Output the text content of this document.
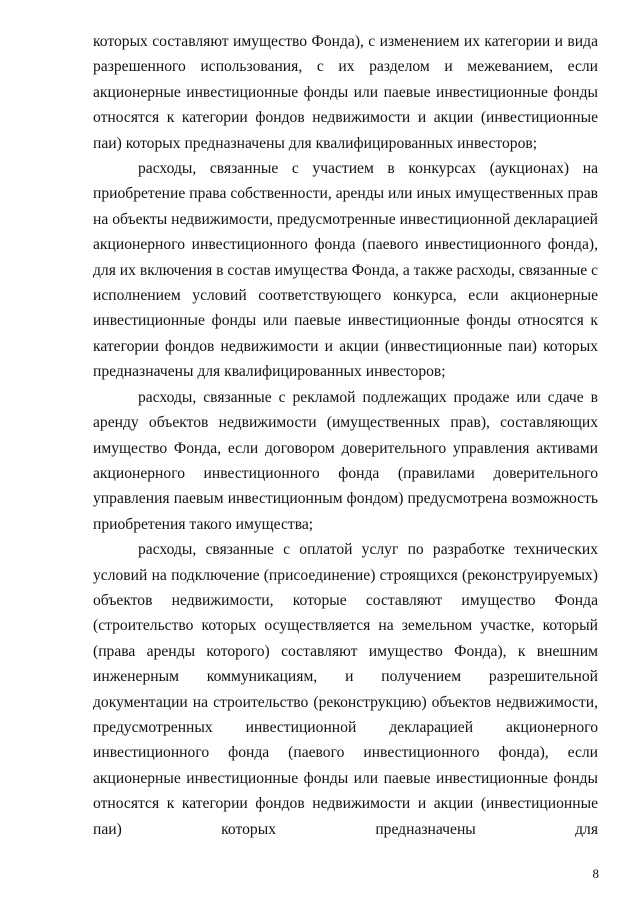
которых составляют имущество Фонда), с изменением их категории и вида разрешенного использования, с их разделом и межеванием, если акционерные инвестиционные фонды или паевые инвестиционные фонды относятся к категории фондов недвижимости и акции (инвестиционные паи) которых предназначены для квалифицированных инвесторов;

расходы, связанные с участием в конкурсах (аукционах) на приобретение права собственности, аренды или иных имущественных прав на объекты недвижимости, предусмотренные инвестиционной декларацией акционерного инвестиционного фонда (паевого инвестиционного фонда), для их включения в состав имущества Фонда, а также расходы, связанные с исполнением условий соответствующего конкурса, если акционерные инвестиционные фонды или паевые инвестиционные фонды относятся к категории фондов недвижимости и акции (инвестиционные паи) которых предназначены для квалифицированных инвесторов;

расходы, связанные с рекламой подлежащих продаже или сдаче в аренду объектов недвижимости (имущественных прав), составляющих имущество Фонда, если договором доверительного управления активами акционерного инвестиционного фонда (правилами доверительного управления паевым инвестиционным фондом) предусмотрена возможность приобретения такого имущества;

расходы, связанные с оплатой услуг по разработке технических условий на подключение (присоединение) строящихся (реконструируемых) объектов недвижимости, которые составляют имущество Фонда (строительство которых осуществляется на земельном участке, который (права аренды которого) составляют имущество Фонда), к внешним инженерным коммуникациям, и получением разрешительной документации на строительство (реконструкцию) объектов недвижимости, предусмотренных инвестиционной декларацией акционерного инвестиционного фонда (паевого инвестиционного фонда), если акционерные инвестиционные фонды или паевые инвестиционные фонды относятся к категории фондов недвижимости и акции (инвестиционные паи) которых предназначены для

8
